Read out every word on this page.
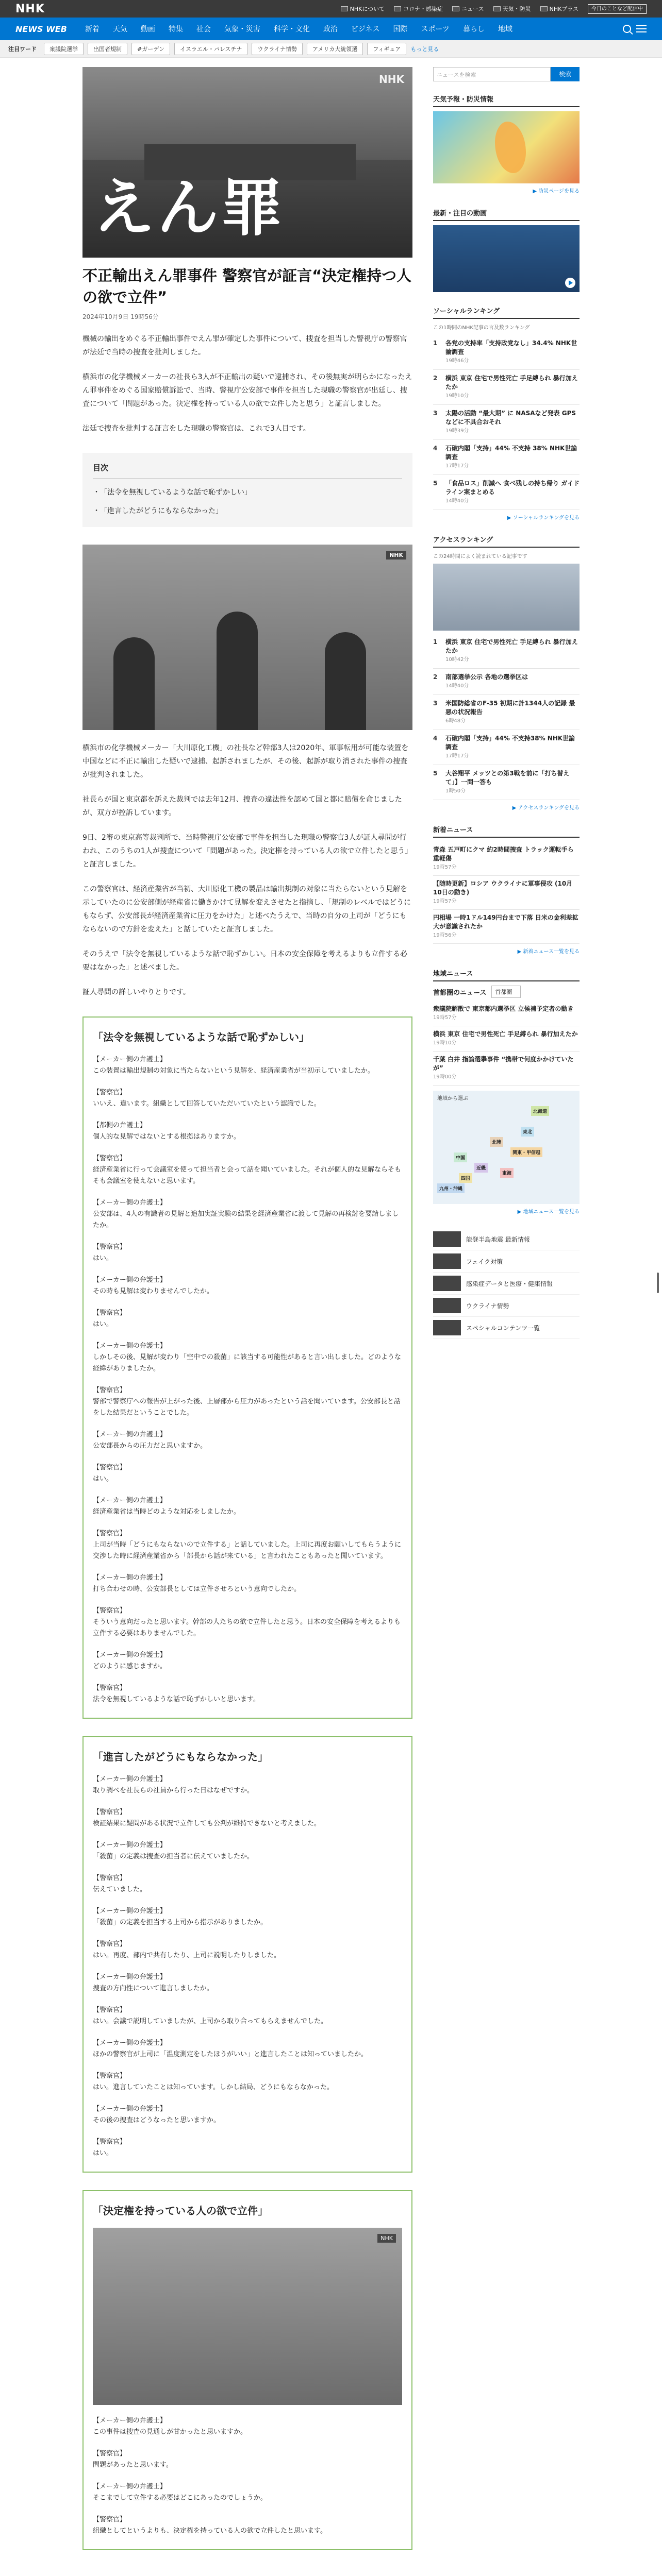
NHK	NHKについて	コロナ・感染症	ニュース	天気・防災	NHKプラス	今日のことなど配信中
NEWS WEB	新着	天気	動画	特集	社会	気象・災害	科学・文化	政治	ビジネス	国際	スポーツ	暮らし	地域
注目ワード	衆議院選挙	出国者規制	#ガーデン	イスラエル・パレスチナ	ウクライナ情勢	アメリカ大統領選	フィギュア	もっと見る
えん罪
NHK
不正輸出えん罪事件 警察官が証言“決定権持つ人の欲で立件”
2024年10月9日 19時56分

機械の輸出をめぐる不正輸出事件でえん罪が確定した事件について、捜査を担当した警視庁の警察官が法廷で当時の捜査を批判しました。

横浜市の化学機械メーカーの社長ら3人が不正輸出の疑いで逮捕され、その後無実が明らかになったえん罪事件をめぐる国家賠償訴訟で、当時、警視庁公安部で事件を担当した現職の警察官が出廷し、捜査について「問題があった。決定権を持っている人の欲で立件したと思う」と証言しました。

法廷で捜査を批判する証言をした現職の警察官は、これで3人目です。

目次
・ 「法令を無視しているような話で恥ずかしい」
・ 「進言したがどうにもならなかった」
NHK

横浜市の化学機械メーカー「大川原化工機」の社長など幹部3人は2020年、軍事転用が可能な装置を中国などに不正に輸出した疑いで逮捕、起訴されましたが、その後、起訴が取り消された事件の捜査が批判されました。

社長らが国と東京都を訴えた裁判では去年12月、捜査の違法性を認めて国と都に賠償を命じましたが、双方が控訴しています。

9日、2審の東京高等裁判所で、当時警視庁公安部で事件を担当した現職の警察官3人が証人尋問が行われ、このうちの1人が捜査について「問題があった。決定権を持っている人の欲で立件したと思う」と証言しました。

この警察官は、経済産業省が当初、大川原化工機の製品は輸出規制の対象に当たらないという見解を示していたのに公安部側が経産省に働きかけて見解を変えさせたと指摘し、「規制のレベルではどうにもならず、公安部長が経済産業省に圧力をかけた」と述べたうえで、当時の自分の上司が「どうにもならないので方針を変えた」と話していたと証言しました。

そのうえで「法令を無視しているような話で恥ずかしい。日本の安全保障を考えるよりも立件する必要はなかった」と述べました。

証人尋問の詳しいやりとりです。

「法令を無視しているような話で恥ずかしい」
【メーカー側の弁護士】
この装置は輸出規制の対象に当たらないという見解を、経済産業省が当初示していましたか。
【警察官】
いいえ、違います。組織として回答していただいていたという認識でした。
【都側の弁護士】
個人的な見解ではないとする根拠はありますか。
【警察官】
経済産業省に行って会議室を使って担当者と会って話を聞いていました。それが個人的な見解ならそもそも会議室を使えないと思います。
【メーカー側の弁護士】
公安部は、4人の有識者の見解と追加実証実験の結果を経済産業省に渡して見解の再検討を要請しましたか。
【警察官】
はい。
【メーカー側の弁護士】
その時も見解は変わりませんでしたか。
【警察官】
はい。
【メーカー側の弁護士】
しかしその後、見解が変わり「空中での殺菌」に該当する可能性があると言い出しました。どのような経緯がありましたか。
【警察官】
警部で警察庁への報告が上がった後、上層部から圧力があったという話を聞いています。公安部長と話をした結果だということでした。
【メーカー側の弁護士】
公安部長からの圧力だと思いますか。
【警察官】
はい。
【メーカー側の弁護士】
経済産業省は当時どのような対応をしましたか。
【警察官】
上司が当時「どうにもならないので立件する」と話していました。上司に再度お願いしてもらうように交渉した時に経済産業省から「部長から話が来ている」と言われたこともあったと聞いています。
【メーカー側の弁護士】
打ち合わせの時、公安部長としては立件させろという意向でしたか。
【警察官】
そういう意向だったと思います。幹部の人たちの欲で立件したと思う。日本の安全保障を考えるよりも立件する必要はありませんでした。
【メーカー側の弁護士】
どのように感じますか。
【警察官】
法令を無視しているような話で恥ずかしいと思います。
「進言したがどうにもならなかった」
【メーカー側の弁護士】
取り調べを社長らの社員から行った日はなぜですか。
【警察官】
検証結果に疑問がある状況で立件しても公判が維持できないと考えました。
【メーカー側の弁護士】
「殺菌」の定義は捜査の担当者に伝えていましたか。
【警察官】
伝えていました。
【メーカー側の弁護士】
「殺菌」の定義を担当する上司から指示がありましたか。
【警察官】
はい。再度、部内で共有したり、上司に説明したりしました。
【メーカー側の弁護士】
捜査の方向性について進言しましたか。
【警察官】
はい。会議で説明していましたが、上司から取り合ってもらえませんでした。
【メーカー側の弁護士】
ほかの警察官が上司に「温度測定をしたほうがいい」と進言したことは知っていましたか。
【警察官】
はい。進言していたことは知っています。しかし結局、どうにもならなかった。
【メーカー側の弁護士】
その後の捜査はどうなったと思いますか。
【警察官】
はい。
「決定権を持っている人の欲で立件」
NHK
【メーカー側の弁護士】
この事件は捜査の見通しが甘かったと思いますか。
【警察官】
問題があったと思います。
【メーカー側の弁護士】
そこまでして立件する必要はどこにあったのでしょうか。
【警察官】
組織としてというよりも、決定権を持っている人の欲で立件したと思います。
ニュースを検索	検索
天気予報・防災情報
▶ 防災ページを見る
最新・注目の動画
ソーシャルランキング
この1時間のNHK記事の言及数ランキング
1	各党の支持率「支持政党なし」34.4% NHK世論調査
19時46分
2	横浜 東京 住宅で男性死亡 手足縛られ 暴行加えたか
19時10分
3	太陽の活動 “最大期” に NASAなど発表 GPSなどに不具合おそれ
19時39分
4	石破内閣「支持」44% 不支持 38% NHK世論調査
17時17分
5	「食品ロス」削減へ 食べ残しの持ち帰り ガイドライン案まとめる
14時40分
▶ ソーシャルランキングを見る
アクセスランキング
この24時間によく読まれている記事です
1	横浜 東京 住宅で男性死亡 手足縛られ 暴行加えたか
10時42分
2	南部選挙公示 各地の選挙区は
14時40分
3	米国防総省のF-35 初期に計1344人の記録 最悪の状況報告
6時48分
4	石破内閣「支持」44% 不支持38% NHK世論調査
17時17分
5	大谷翔平 メッツとの第3戦を前に「打ち替えて」】一問一答も
1時50分
▶ アクセスランキングを見る
新着ニュース
青森 五戸町にクマ 約2時間捜査 トラック運転手ら重軽傷
19時57分
【随時更新】ロシア ウクライナに軍事侵攻 (10月10日の動き)
19時57分
円相場 一時1ドル149円台まで下落 日米の金利差拡大が意識されたか
19時56分
▶ 新着ニュース一覧を見る
地域ニュース
首都圏のニュース	首都圏
衆議院解散で 東京都内選挙区 立候補予定者の動き
19時57分
横浜 東京 住宅で男性死亡 手足縛られ 暴行加えたか
19時10分
千葉 白井 指論選擧事件 “携帯で何度かかけていたが”
19時00分
地域から選ぶ
北海道
東北
関東・甲信越
東海
近畿
中国
四国
九州・沖縄
北陸
▶ 地域ニュース一覧を見る
能登半島地震 最新情報
フェイク対策
感染症データと医療・健康情報
ウクライナ情勢
スペシャルコンテンツ一覧
